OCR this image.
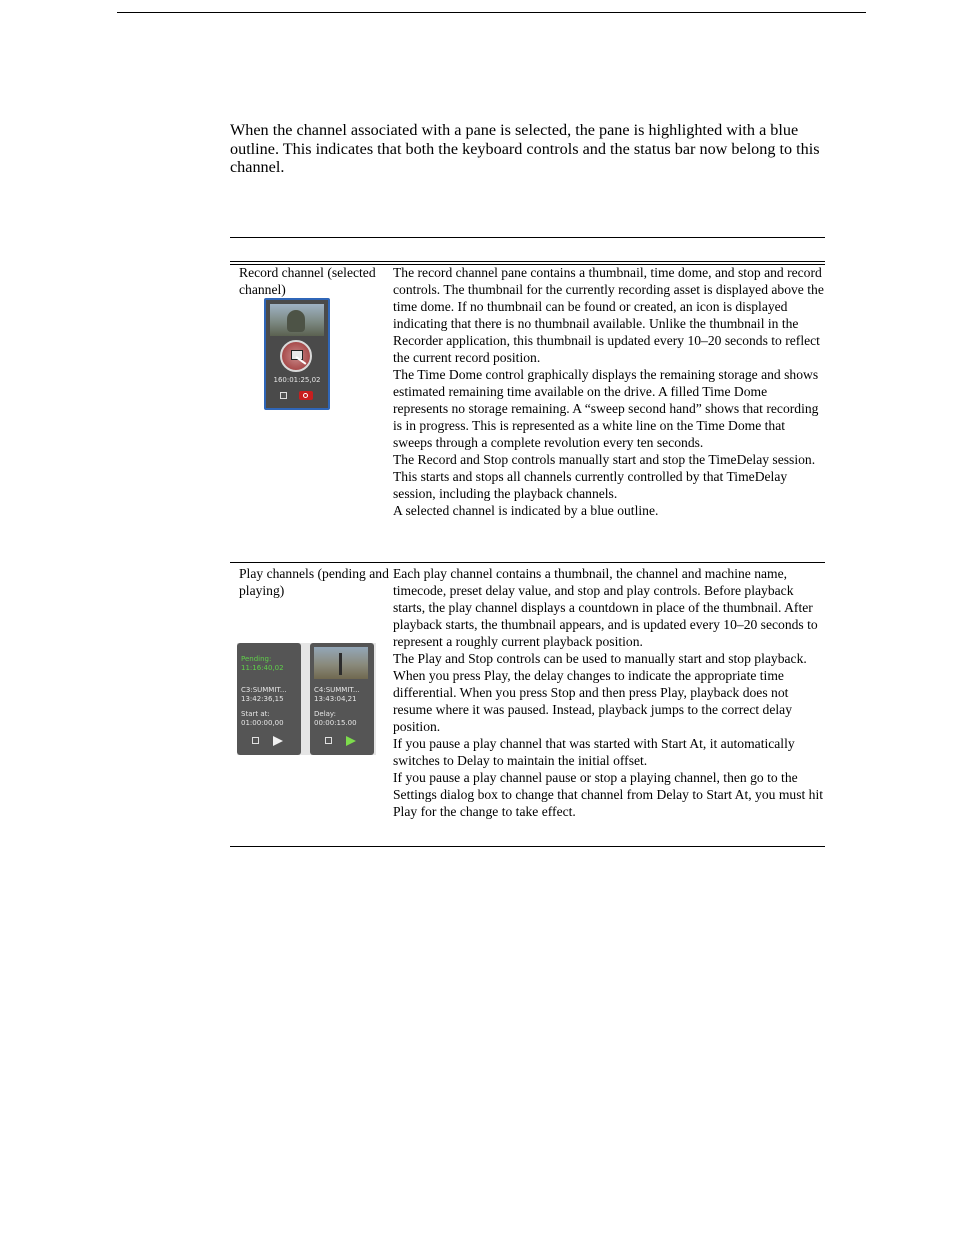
When the channel associated with a pane is selected, the pane is highlighted with a blue outline. This indicates that both the keyboard controls and the status bar now belong to this channel.

Record channel (selected channel)
160:01:25,02

The record channel pane contains a thumbnail, time dome, and stop and record controls. The thumbnail for the currently recording asset is displayed above the time dome. If no thumbnail can be found or created, an icon is displayed indicating that there is no thumbnail available. Unlike the thumbnail in the Recorder application, this thumbnail is updated every 10–20 seconds to reflect the current record position.

The Time Dome control graphically displays the remaining storage and shows estimated remaining time available on the drive. A filled Time Dome represents no storage remaining. A “sweep second hand” shows that recording is in progress. This is represented as a white line on the Time Dome that sweeps through a complete revolution every ten seconds.

The Record and Stop controls manually start and stop the TimeDelay session. This starts and stops all channels currently controlled by that TimeDelay session, including the playback channels.

A selected channel is indicated by a blue outline.

Play channels (pending and playing)
Pending:
11:16:40,02
C3:SUMMIT...
13:42:36,15
Start at:
01:00:00,00
C4:SUMMIT...
13:43:04,21
Delay:
00:00:15.00

Each play channel contains a thumbnail, the channel and machine name, timecode, preset delay value, and stop and play controls. Before playback starts, the play channel displays a countdown in place of the thumbnail. After playback starts, the thumbnail appears, and is updated every 10–20 seconds to represent a roughly current playback position.

The Play and Stop controls can be used to manually start and stop playback. When you press Play, the delay changes to indicate the appropriate time differential. When you press Stop and then press Play, playback does not resume where it was paused. Instead, playback jumps to the correct delay position.

If you pause a play channel that was started with Start At, it automatically switches to Delay to maintain the initial offset.

If you pause a play channel pause or stop a playing channel, then go to the Settings dialog box to change that channel from Delay to Start At, you must hit Play for the change to take effect.
